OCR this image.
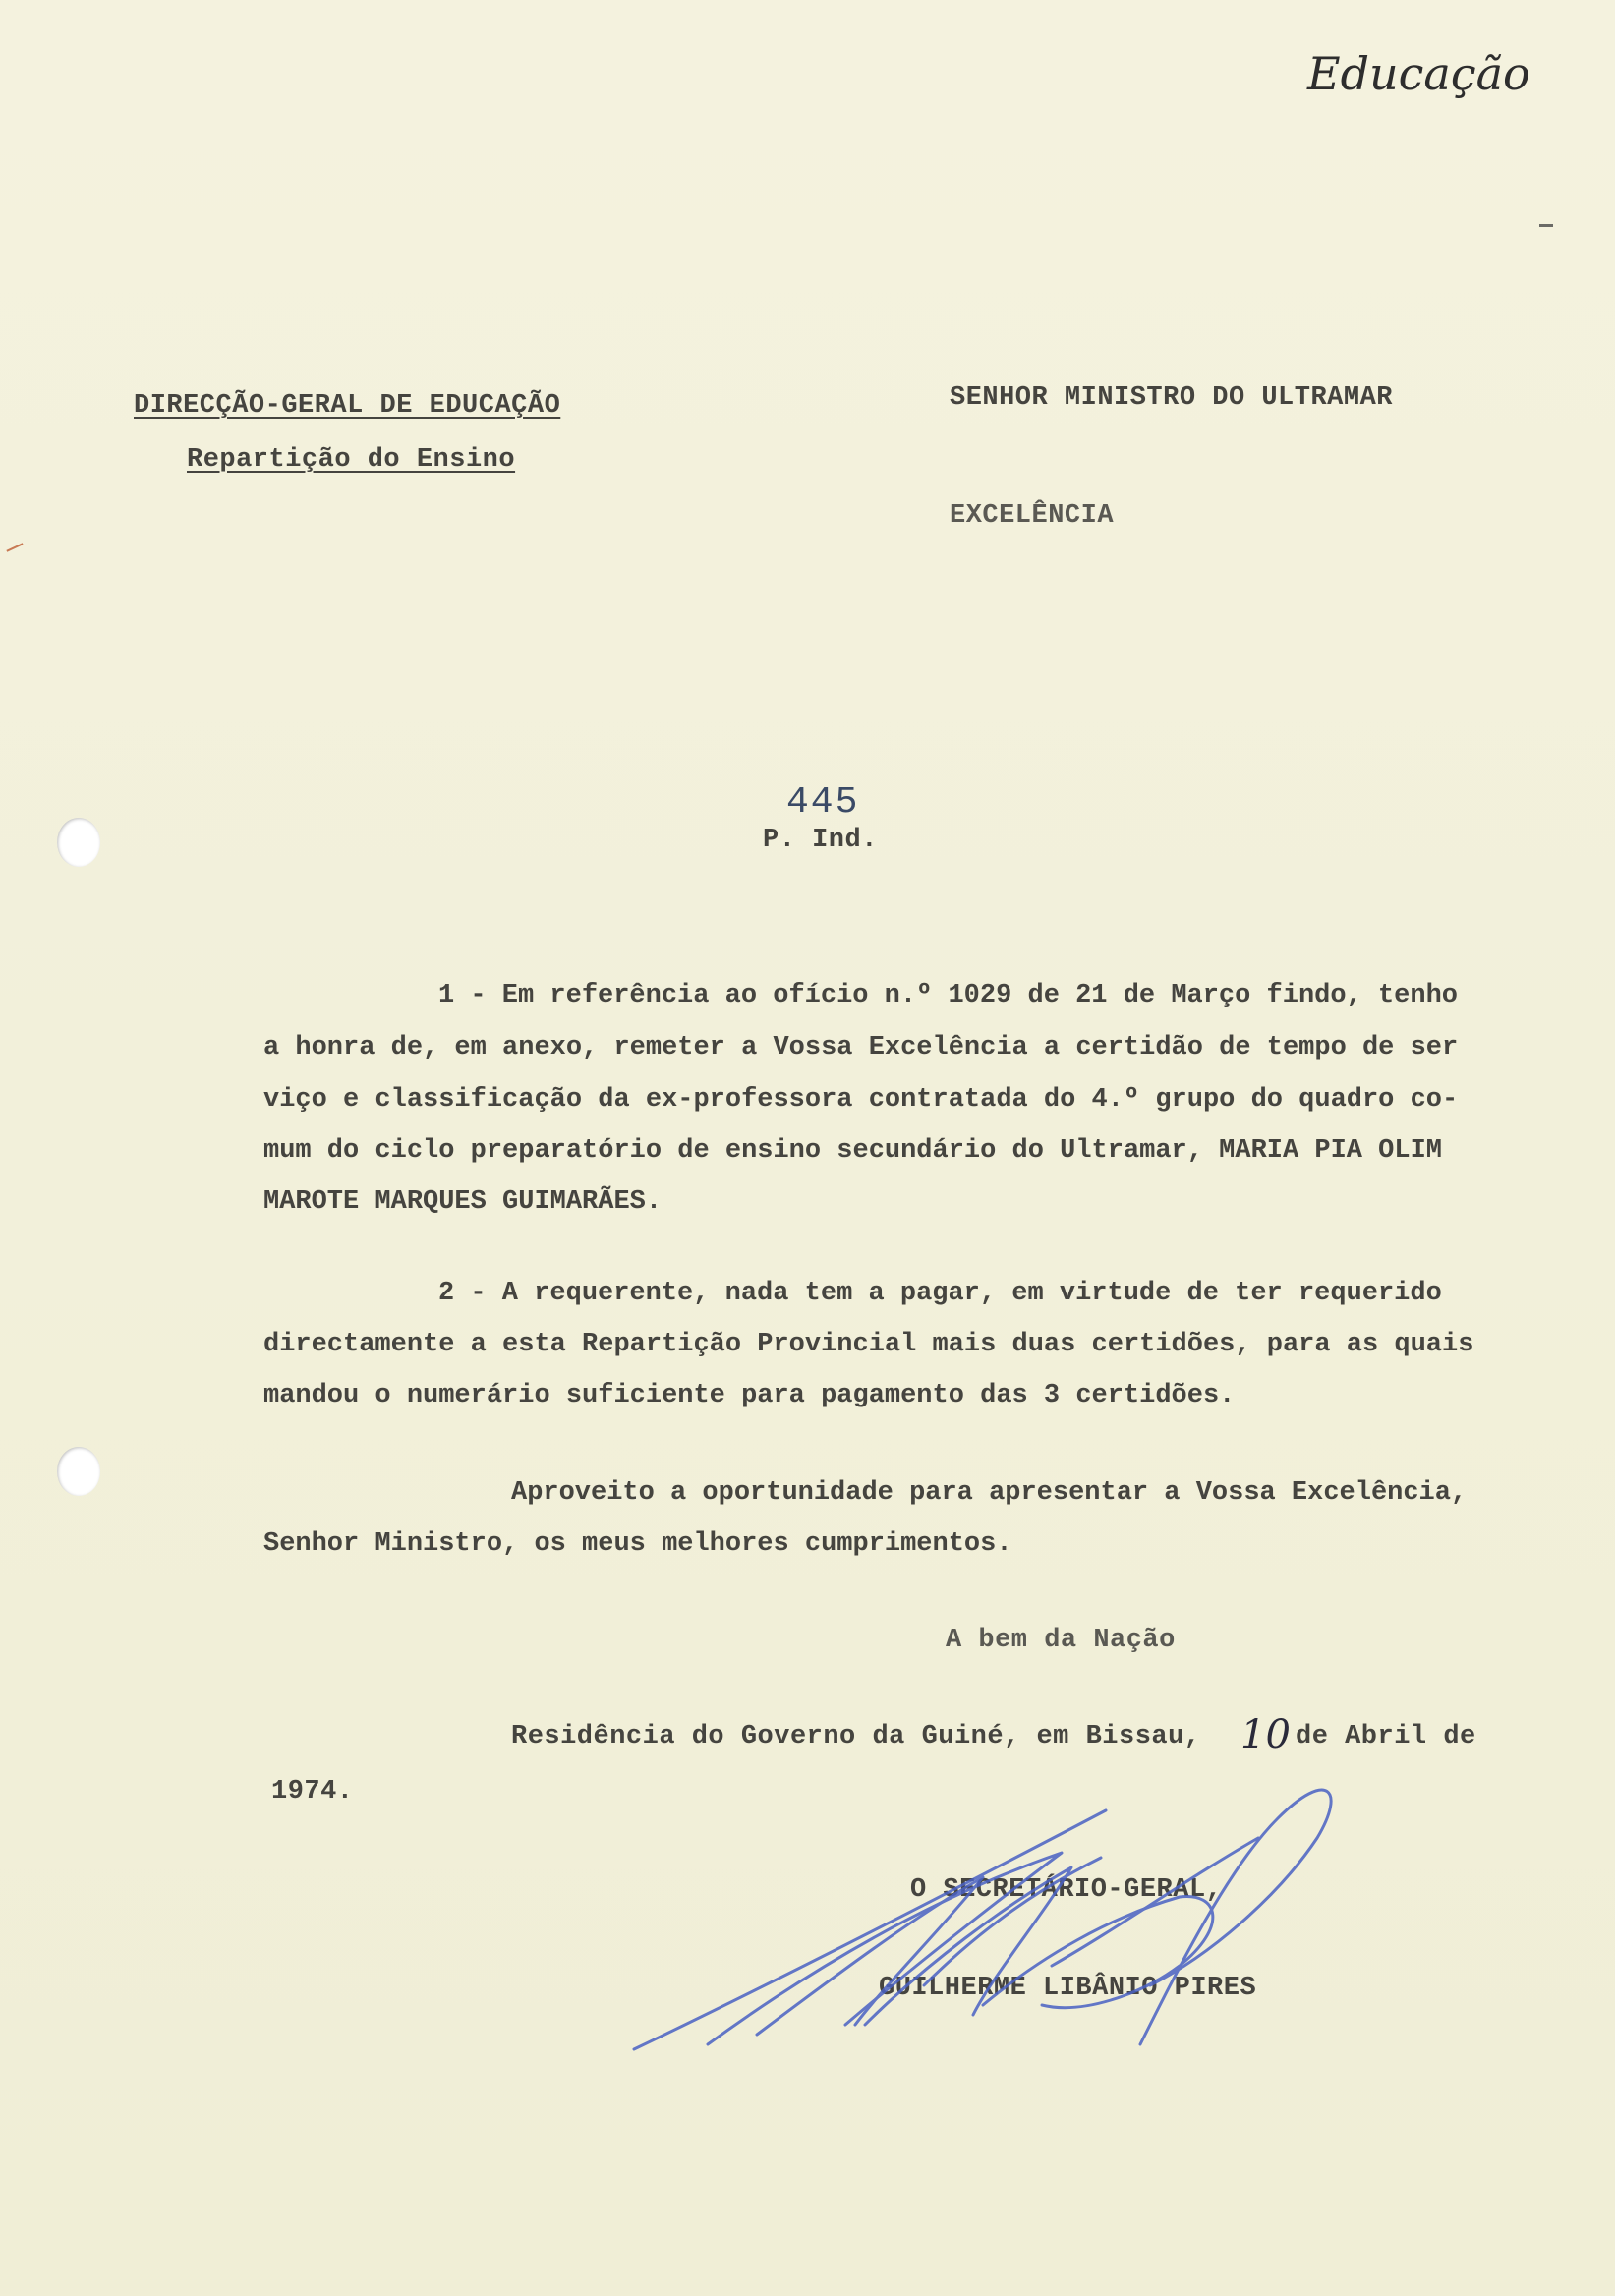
Educação
DIRECÇÃO-GERAL DE EDUCAÇÃO
Repartição do Ensino
SENHOR MINISTRO DO ULTRAMAR
EXCELÊNCIA
445
P. Ind.
1 - Em referência ao ofício n.º 1029 de 21 de Março findo, tenho
a honra de, em anexo, remeter a Vossa Excelência a certidão de tempo de ser
viço e classificação da ex-professora contratada do 4.º grupo do quadro co-
mum do ciclo preparatório de ensino secundário do Ultramar, MARIA PIA OLIM
MAROTE MARQUES GUIMARÃES.
2 - A requerente, nada tem a pagar, em virtude de ter requerido
directamente a esta Repartição Provincial mais duas certidões, para as quais
mandou o numerário suficiente para pagamento das 3 certidões.
Aproveito a oportunidade para apresentar a Vossa Excelência,
Senhor Ministro, os meus melhores cumprimentos.
A bem da Nação
Residência do Governo da Guiné, em Bissau, 10 de Abril de
1974.
O SECRETÁRIO-GERAL,
GUILHERME LIBÂNIO PIRES
